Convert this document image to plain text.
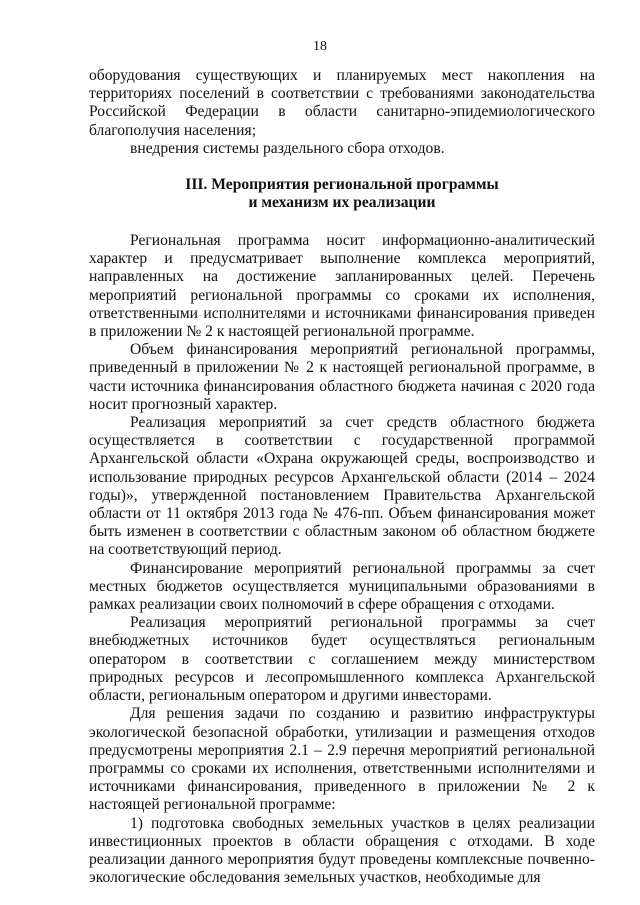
18

оборудования существующих и планируемых мест накопления на территориях поселений в соответствии с требованиями законодательства Российской Федерации в области санитарно-эпидемиологического благополучия населения;

внедрения системы раздельного сбора отходов.

III. Мероприятия региональной программы
и механизм их реализации

Региональная программа носит информационно-аналитический характер и предусматривает выполнение комплекса мероприятий, направленных на достижение запланированных целей. Перечень мероприятий региональной программы со сроками их исполнения, ответственными исполнителями и источниками финансирования приведен в приложении № 2 к настоящей региональной программе.

Объем финансирования мероприятий региональной программы, приведенный в приложении № 2 к настоящей региональной программе, в части источника финансирования областного бюджета начиная с 2020 года носит прогнозный характер.

Реализация мероприятий за счет средств областного бюджета осуществляется в соответствии с государственной программой Архангельской области «Охрана окружающей среды, воспроизводство и использование природных ресурсов Архангельской области (2014 – 2024 годы)», утвержденной постановлением Правительства Архангельской области от 11 октября 2013 года № 476-пп. Объем финансирования может быть изменен в соответствии с областным законом об областном бюджете на соответствующий период.

Финансирование мероприятий региональной программы за счет местных бюджетов осуществляется муниципальными образованиями в рамках реализации своих полномочий в сфере обращения с отходами.

Реализация мероприятий региональной программы за счет внебюджетных источников будет осуществляться региональным оператором в соответствии с соглашением между министерством природных ресурсов и лесопромышленного комплекса Архангельской области, региональным оператором и другими инвесторами.

Для решения задачи по созданию и развитию инфраструктуры экологической безопасной обработки, утилизации и размещения отходов предусмотрены мероприятия 2.1 – 2.9 перечня мероприятий региональной программы со сроками их исполнения, ответственными исполнителями и источниками финансирования, приведенного в приложении № 2 к настоящей региональной программе:

1) подготовка свободных земельных участков в целях реализации инвестиционных проектов в области обращения с отходами. В ходе реализации данного мероприятия будут проведены комплексные почвенно-экологические обследования земельных участков, необходимые для
